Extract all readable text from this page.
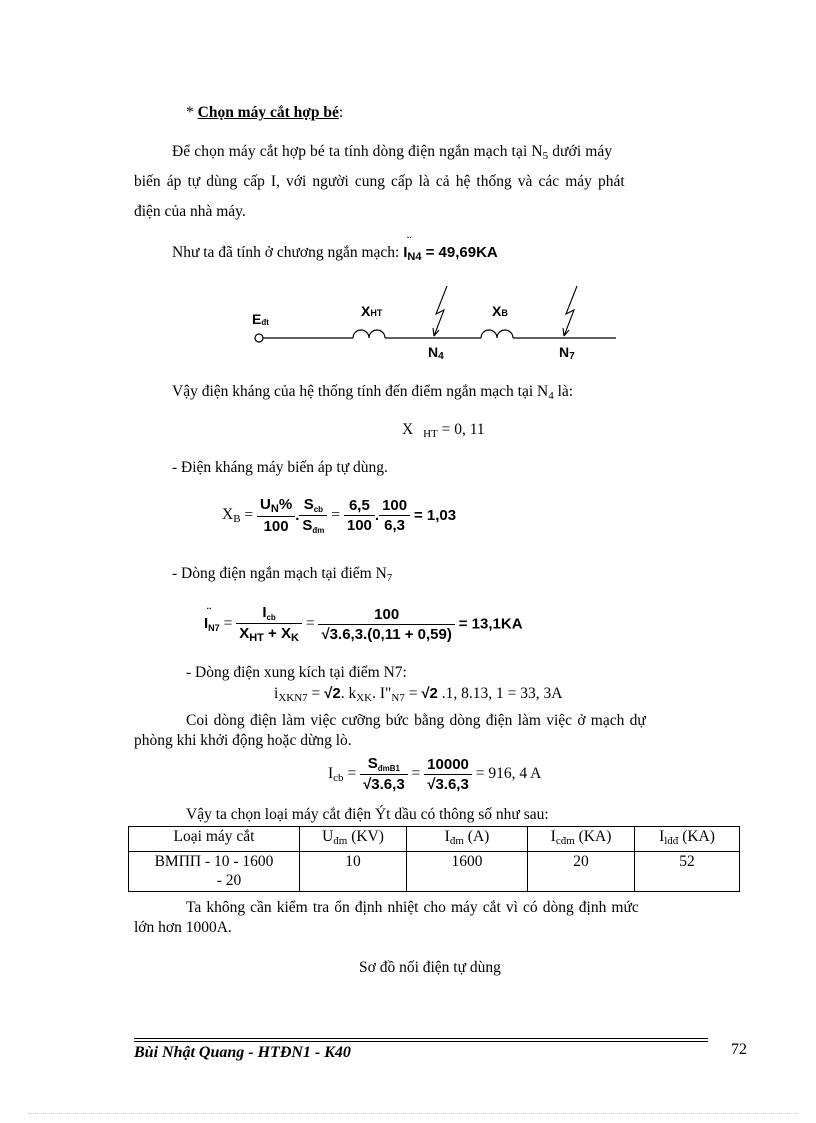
* Chọn máy cắt hợp bé:
Để chọn máy cắt hợp bé ta tính dòng điện ngắn mạch tại $N_5$ dưới máy
biến áp tự dùng cấp I, với người cung cấp là cả hệ thống và các máy phát
điện của nhà máy.
Như ta đã tính ở chương ngắn mạch: I
¨
$_{N4}$ = 49,69KA
Eđt
XHT	XB
N4	N7
Vậy điện kháng của hệ thống tính đến điểm ngắn mạch tại $N_4$ là:
X $_{HT}$ = 0, 11
- Điện kháng máy biến áp tự dùng.
$X_B = \frac{U_N\%}{100}$ . $\frac{S_{cb}}{S_{đm}} = \frac{6,5}{100}$ . $\frac{100}{6,3} = 1,03$
- Dòng điện ngắn mạch tại điểm $N_7$
I
¨
$_{N7} = \frac{I_{cb}}{X_{HT} + X_K} = \frac{100}{√3.6,3.(0,11 + 0,59)} = 13,1KA$
- Dòng điện xung kích tại điểm N7:
$i_{XKN7} = √2$. $k_{XK}$. $I"_{N7} = √2$ .1, 8.13, 1 = 33, 3A
Coi dòng điện làm việc cưỡng bức bằng dòng điện làm việc ở mạch dự
phòng khi khởi động hoặc dừng lò.
$I_{cb} = \frac{S_{đmB1}}{√3.6,3} = \frac{10000}{√3.6,3} = 916$, 4 A
Vậy ta chọn loại máy cắt điện Ýt dầu có thông số như sau:
Loại máy cắt	$U_{đm}$ (KV)	$I_{đm}$ (A)	$I_{cđm}$ (KA)	$I_{lđđ}$ (KA)
BMПП - 10 - 1600
- 20	10	1600	20	52
Ta không cần kiểm tra ổn định nhiệt cho máy cắt vì có dòng định mức
lớn hơn 1000A.
Sơ đồ nối điện tự dùng
Bùi Nhật Quang - HTĐN1 - K40	72
